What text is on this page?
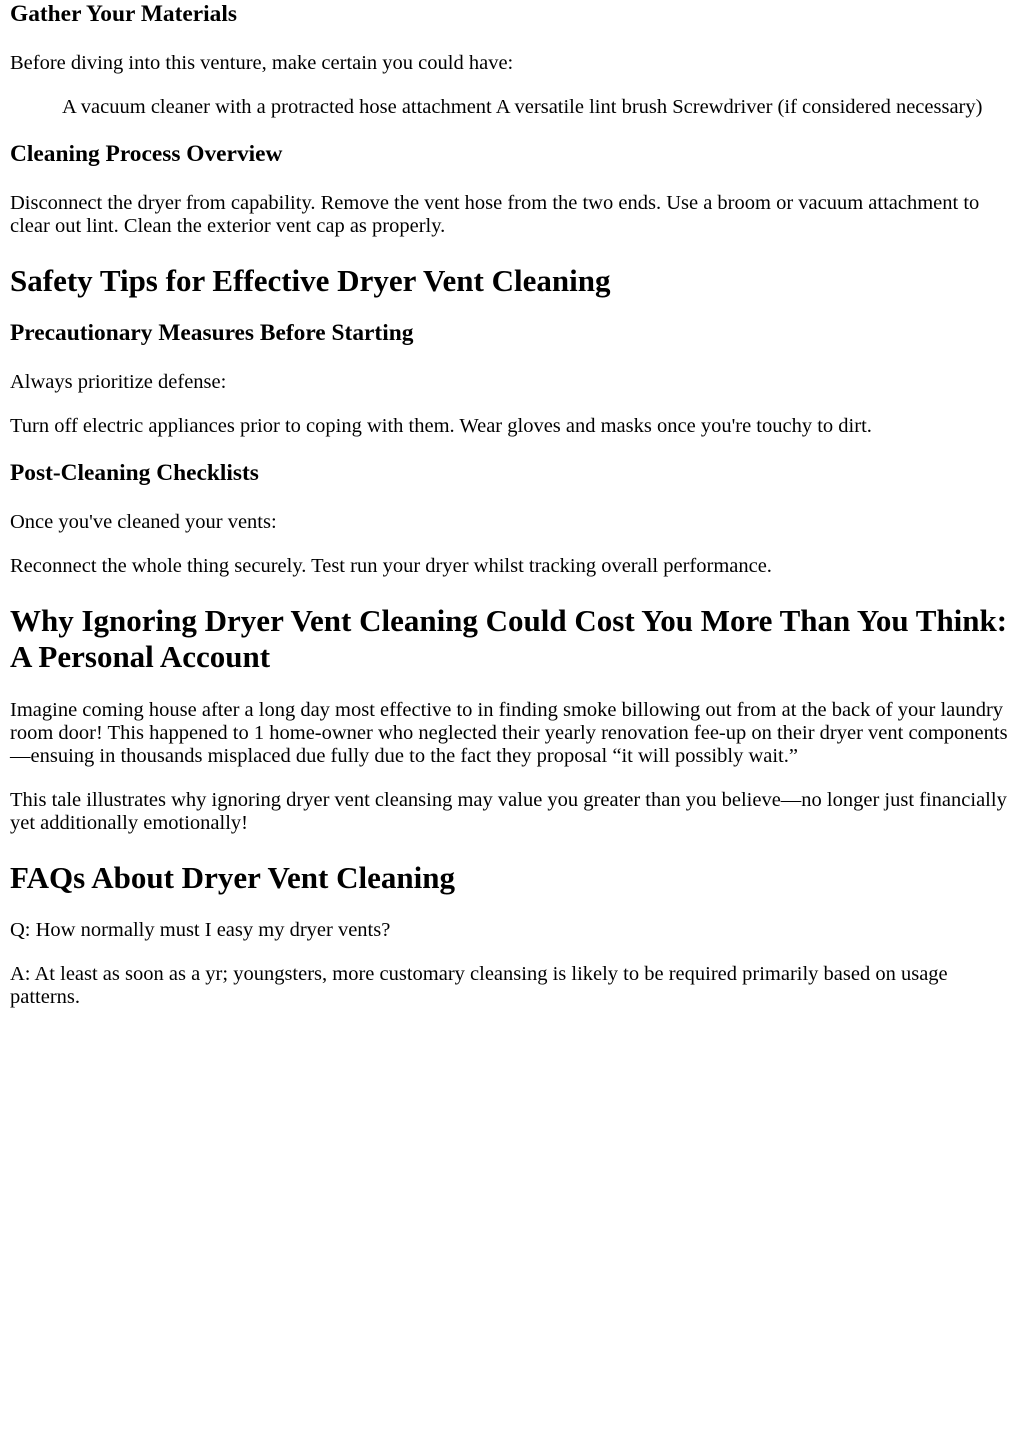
Gather Your Materials

Before diving into this venture, make certain you could have:

A vacuum cleaner with a protracted hose attachment A versatile lint brush Screwdriver (if considered necessary)
Cleaning Process Overview

Disconnect the dryer from capability. Remove the vent hose from the two ends. Use a broom or vacuum attachment to clear out lint. Clean the exterior vent cap as properly.

Safety Tips for Effective Dryer Vent Cleaning
Precautionary Measures Before Starting

Always prioritize defense:

Turn off electric appliances prior to coping with them. Wear gloves and masks once you're touchy to dirt.

Post-Cleaning Checklists

Once you've cleaned your vents:

Reconnect the whole thing securely. Test run your dryer whilst tracking overall performance.

Why Ignoring Dryer Vent Cleaning Could Cost You More Than You Think: A Personal Account

Imagine coming house after a long day most effective to in finding smoke billowing out from at the back of your laundry room door! This happened to 1 home-owner who neglected their yearly renovation fee-up on their dryer vent components—ensuing in thousands misplaced due fully due to the fact they proposal “it will possibly wait.”

This tale illustrates why ignoring dryer vent cleansing may value you greater than you believe—no longer just financially yet additionally emotionally!

FAQs About Dryer Vent Cleaning

Q: How normally must I easy my dryer vents?

A: At least as soon as a yr; youngsters, more customary cleansing is likely to be required primarily based on usage patterns.
